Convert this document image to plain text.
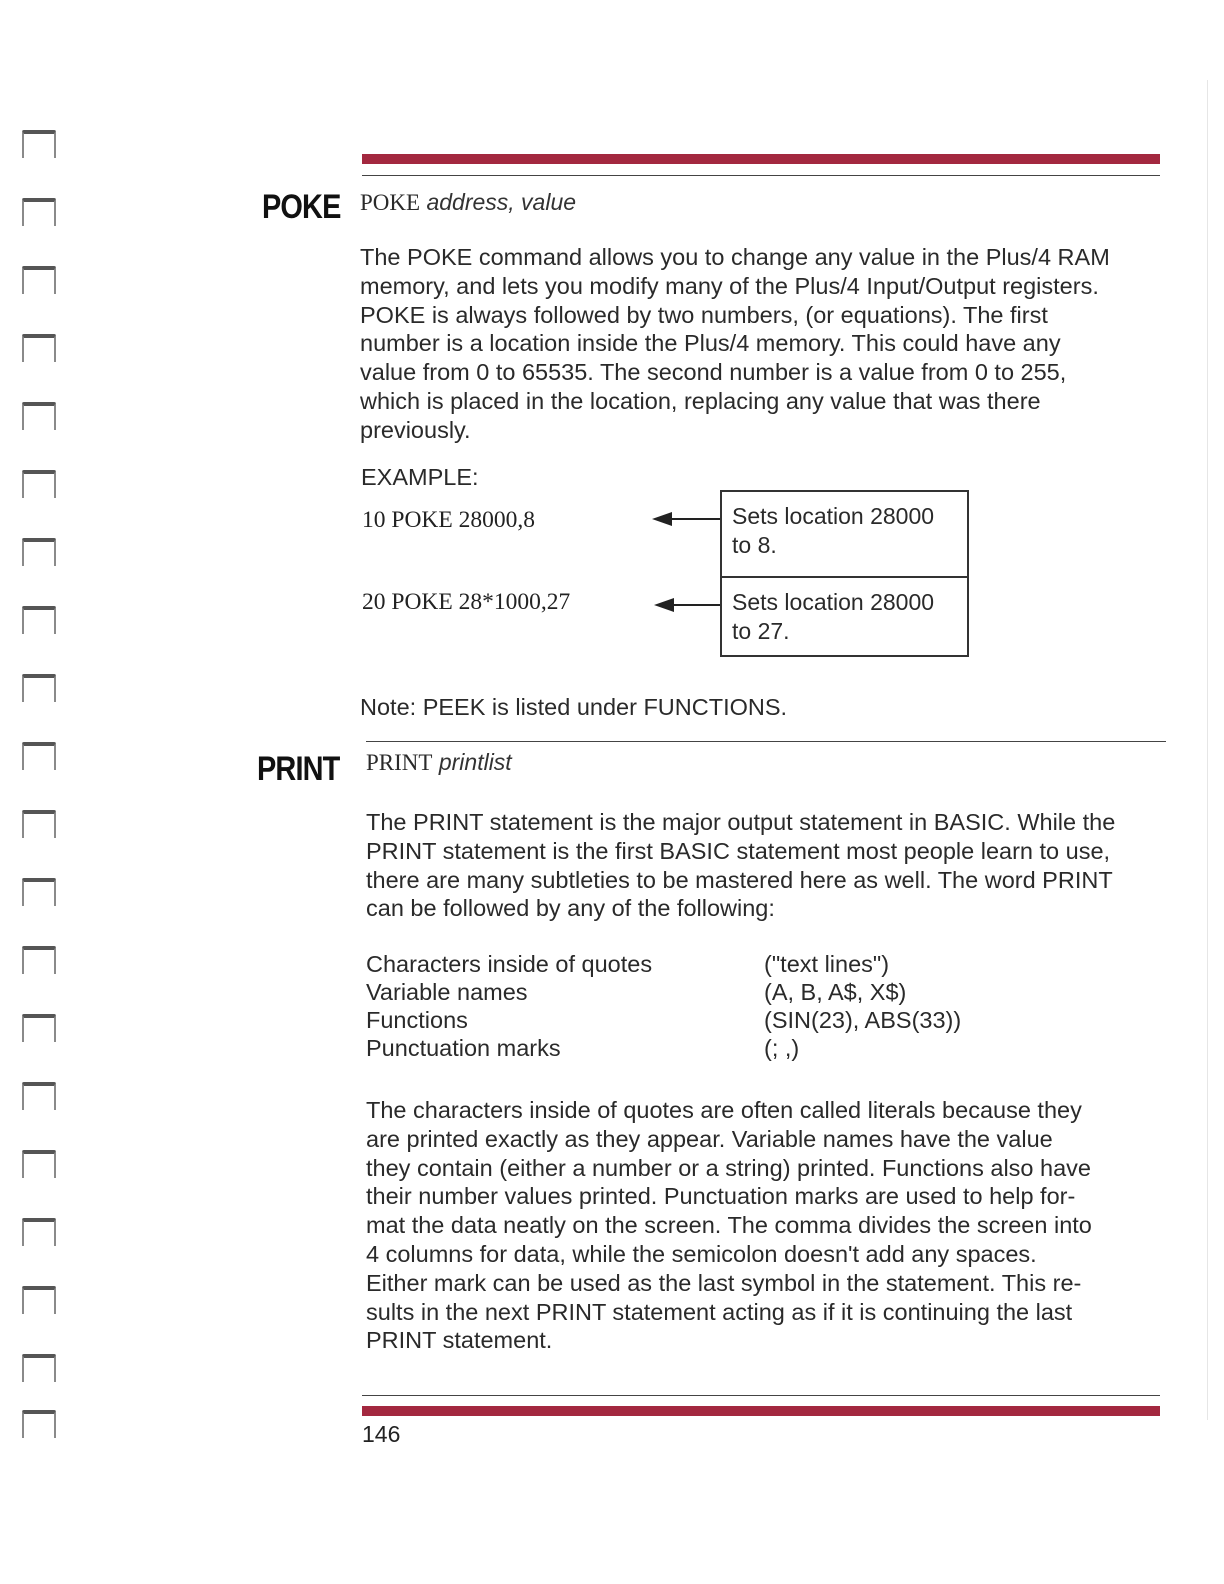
POKE POKE address, value
The POKE command allows you to change any value in the Plus/4 RAM
memory, and lets you modify many of the Plus/4 Input/Output registers.
POKE is always followed by two numbers, (or equations). The first
number is a location inside the Plus/4 memory. This could have any
value from 0 to 65535. The second number is a value from 0 to 255,
which is placed in the location, replacing any value that was there
previously.
EXAMPLE:
10 POKE 28000,8
20 POKE 28*1000,27
Sets location 28000
to 8.
Sets location 28000
to 27.
Note: PEEK is listed under FUNCTIONS.
PRINT PRINT printlist
The PRINT statement is the major output statement in BASIC. While the
PRINT statement is the first BASIC statement most people learn to use,
there are many subtleties to be mastered here as well. The word PRINT
can be followed by any of the following:
Characters inside of quotes	("text lines")
Variable names	(A, B, A$, X$)
Functions	(SIN(23), ABS(33))
Punctuation marks	(; ,)
The characters inside of quotes are often called literals because they
are printed exactly as they appear. Variable names have the value
they contain (either a number or a string) printed. Functions also have
their number values printed. Punctuation marks are used to help for-
mat the data neatly on the screen. The comma divides the screen into
4 columns for data, while the semicolon doesn't add any spaces.
Either mark can be used as the last symbol in the statement. This re-
sults in the next PRINT statement acting as if it is continuing the last
PRINT statement.
146
